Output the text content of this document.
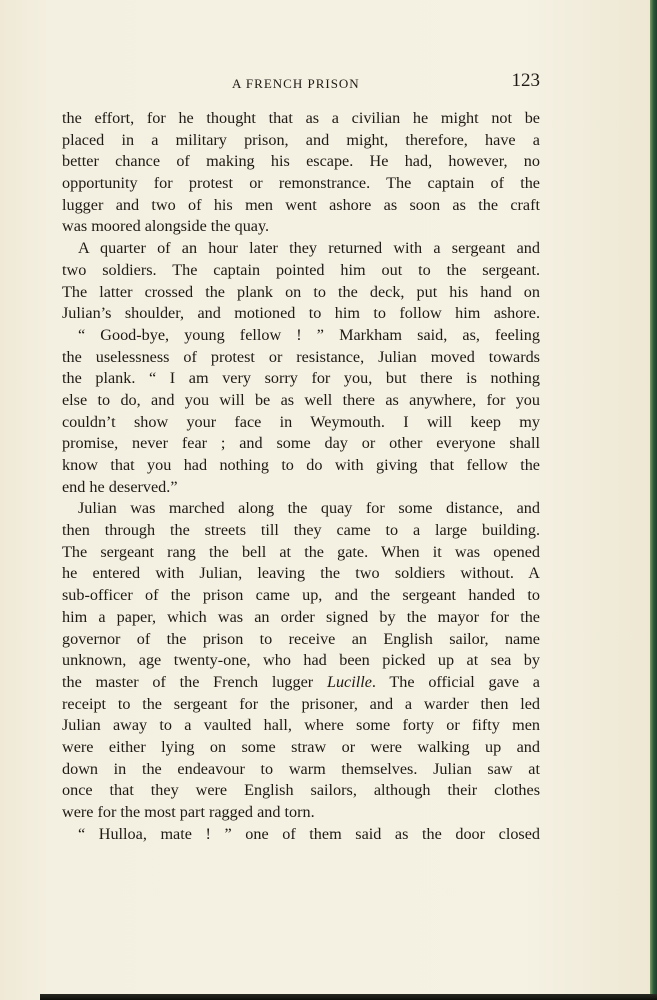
A FRENCH PRISON	123
the effort, for he thought that as a civilian he might not be
placed in a military prison, and might, therefore, have a
better chance of making his escape. He had, however, no
opportunity for protest or remonstrance. The captain of the
lugger and two of his men went ashore as soon as the craft
was moored alongside the quay.
A quarter of an hour later they returned with a sergeant and
two soldiers. The captain pointed him out to the sergeant.
The latter crossed the plank on to the deck, put his hand on
Julian’s shoulder, and motioned to him to follow him ashore.
“ Good-bye, young fellow ! ” Markham said, as, feeling
the uselessness of protest or resistance, Julian moved towards
the plank. “ I am very sorry for you, but there is nothing
else to do, and you will be as well there as anywhere, for you
couldn’t show your face in Weymouth. I will keep my
promise, never fear ; and some day or other everyone shall
know that you had nothing to do with giving that fellow the
end he deserved.”
Julian was marched along the quay for some distance, and
then through the streets till they came to a large building.
The sergeant rang the bell at the gate. When it was opened
he entered with Julian, leaving the two soldiers without. A
sub-officer of the prison came up, and the sergeant handed to
him a paper, which was an order signed by the mayor for the
governor of the prison to receive an English sailor, name
unknown, age twenty-one, who had been picked up at sea by
the master of the French lugger Lucille. The official gave a
receipt to the sergeant for the prisoner, and a warder then led
Julian away to a vaulted hall, where some forty or fifty men
were either lying on some straw or were walking up and
down in the endeavour to warm themselves. Julian saw at
once that they were English sailors, although their clothes
were for the most part ragged and torn.
“ Hulloa, mate ! ” one of them said as the door closed
